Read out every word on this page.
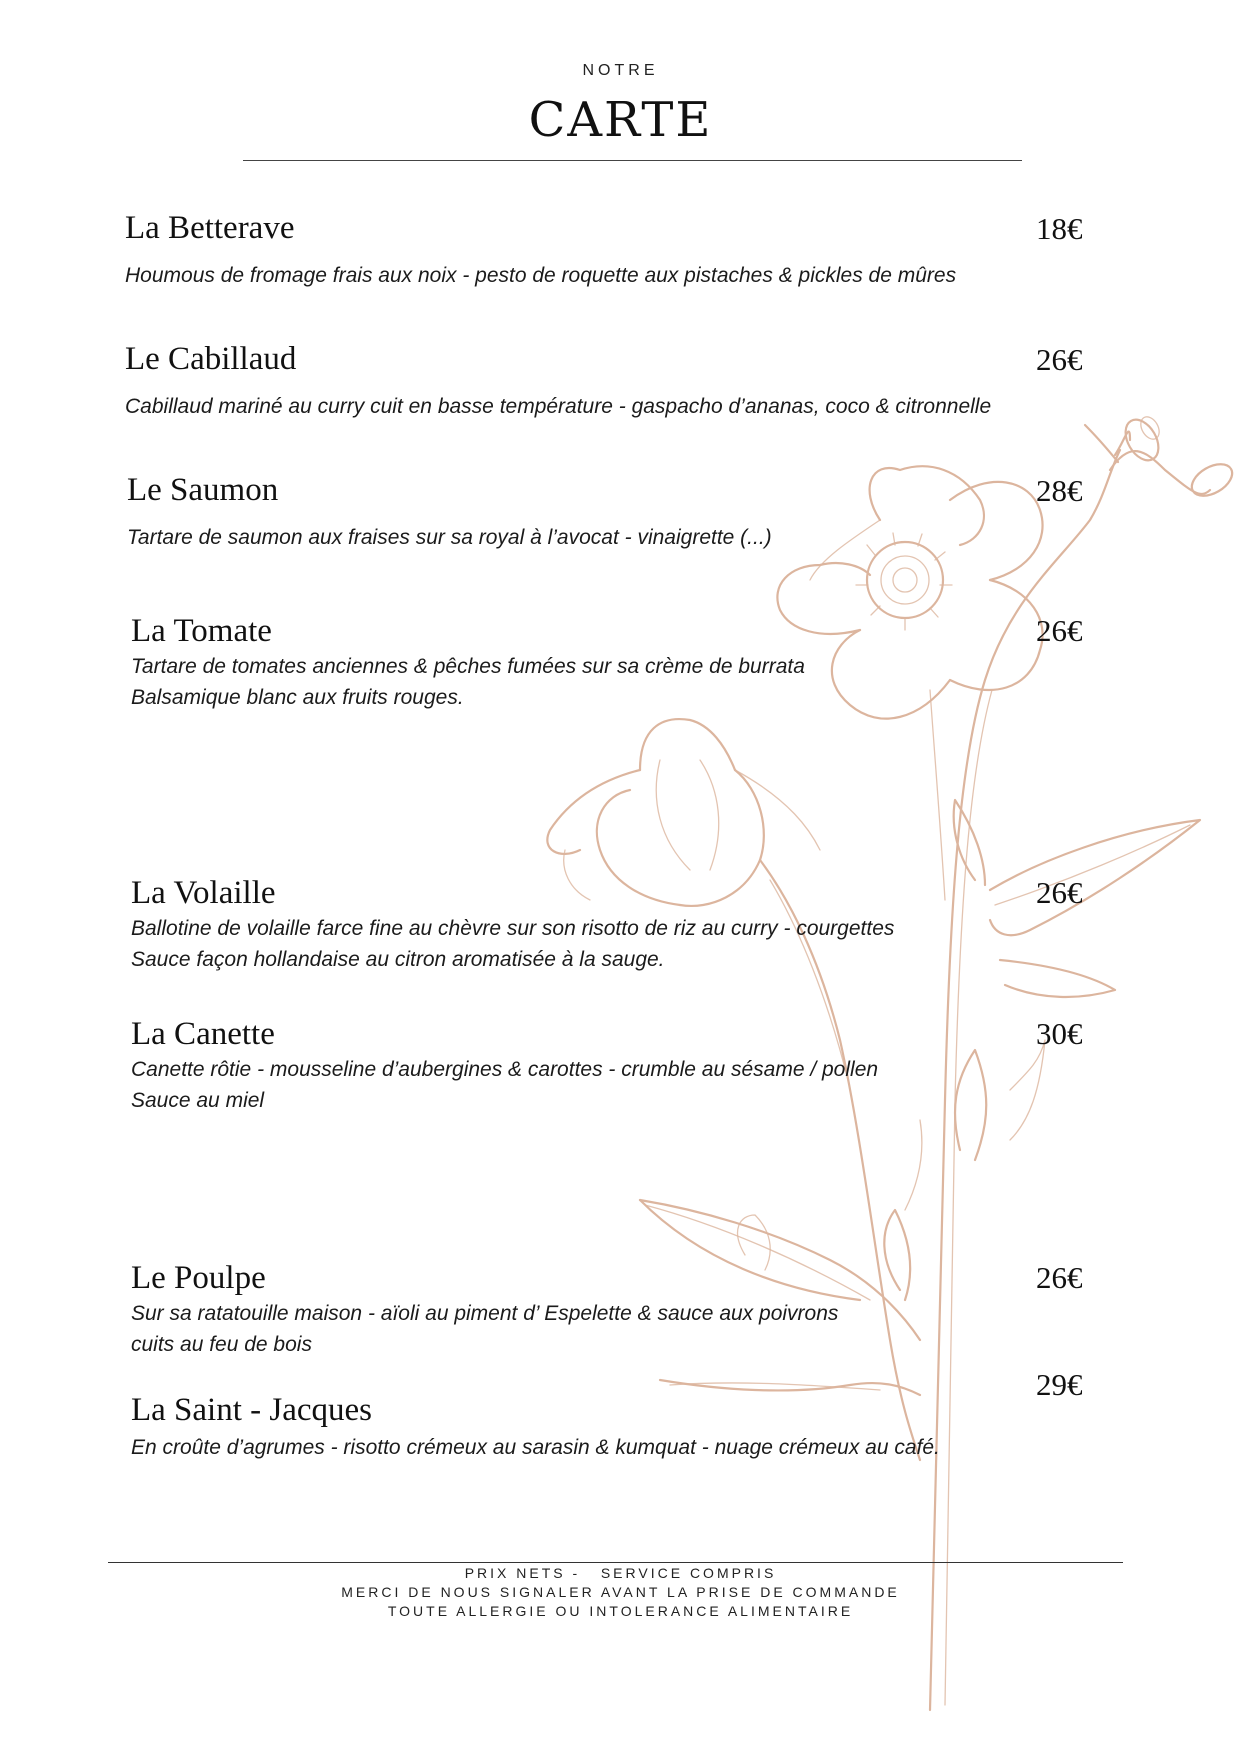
NOTRE
CARTE
La Betterave
Houmous de fromage frais aux noix - pesto de roquette aux pistaches & pickles de mûres
18€
Le Cabillaud
Cabillaud mariné au curry cuit en basse température - gaspacho d’ananas, coco & citronnelle
26€
Le Saumon
Tartare de saumon aux fraises sur sa royal à l’avocat - vinaigrette (...)
28€
La Tomate
Tartare de tomates anciennes & pêches fumées sur sa crème de burrata
Balsamique blanc aux fruits rouges.
26€
La Volaille
Ballotine de volaille farce fine au chèvre sur son risotto de riz au curry - courgettes
Sauce façon hollandaise au citron aromatisée à la sauge.
26€
La Canette
Canette rôtie - mousseline d’aubergines & carottes - crumble au sésame / pollen
Sauce au miel
30€
Le Poulpe
Sur sa ratatouille maison - aïoli au piment d’ Espelette & sauce aux poivrons
cuits au feu de bois
26€
La Saint - Jacques
En croûte d’agrumes - risotto crémeux au sarasin & kumquat - nuage crémeux au café.
29€
PRIX NETS -   SERVICE COMPRIS
MERCI DE NOUS SIGNALER AVANT LA PRISE DE COMMANDE
TOUTE ALLERGIE OU INTOLERANCE ALIMENTAIRE
